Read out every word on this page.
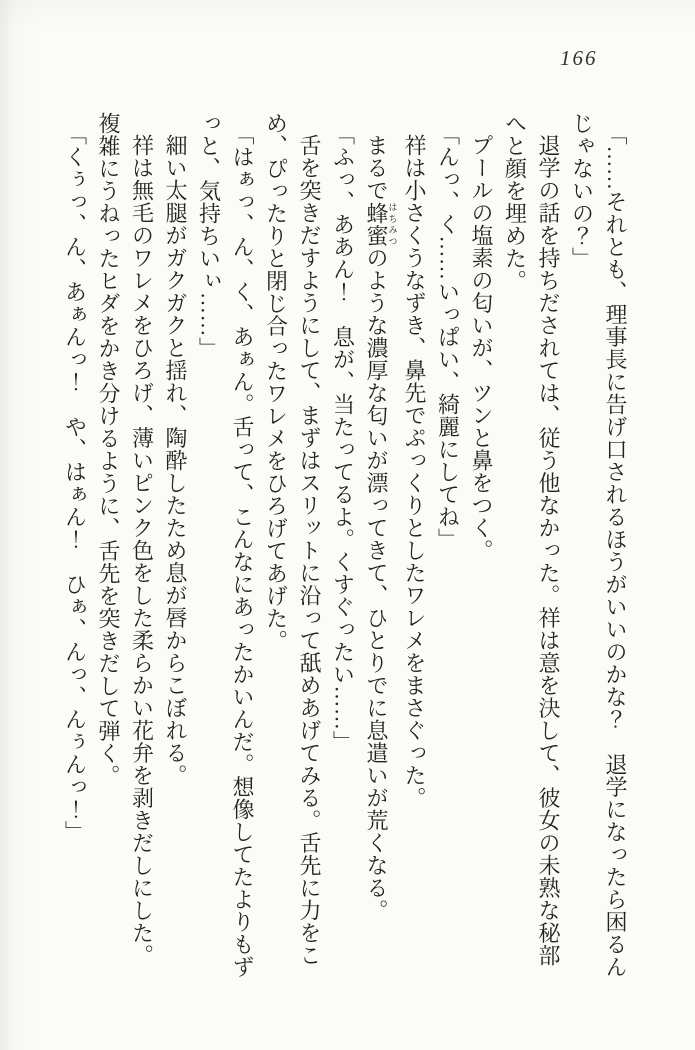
166

「……それとも、理事長に告げ口されるほうがいいのかな？　退学になったら困るん

じゃないの？」

退学の話を持ちだされては、従う他なかった。祥は意を決して、彼女の未熟な秘部

へと顔を埋めた。

プールの塩素の匂いが、ツンと鼻をつく。

「んっ、く……いっぱい、綺麗にしてね」

祥は小さくうなずき、鼻先でぷっくりとしたワレメをまさぐった。

まるで蜂蜜はちみつのような濃厚な匂いが漂ってきて、ひとりでに息遣いが荒くなる。

「ふっ、ああん！　息が、当たってるよ。くすぐったい……」

舌を突きだすようにして、まずはスリットに沿って舐めあげてみる。舌先に力をこ

め、ぴったりと閉じ合ったワレメをひろげてあげた。

「はぁっ、ん、く、あぁん。舌って、こんなにあったかいんだ。想像してたよりもず

っと、気持ちいぃ……」

細い太腿がガクガクと揺れ、陶酔したため息が唇からこぼれる。

祥は無毛のワレメをひろげ、薄いピンク色をした柔らかい花弁を剥きだしにした。

複雑にうねったヒダをかき分けるように、舌先を突きだして弾く。

「くぅっ、ん、あぁんっ！　や、はぁん！　ひぁ、んっ、んぅんっ！」
